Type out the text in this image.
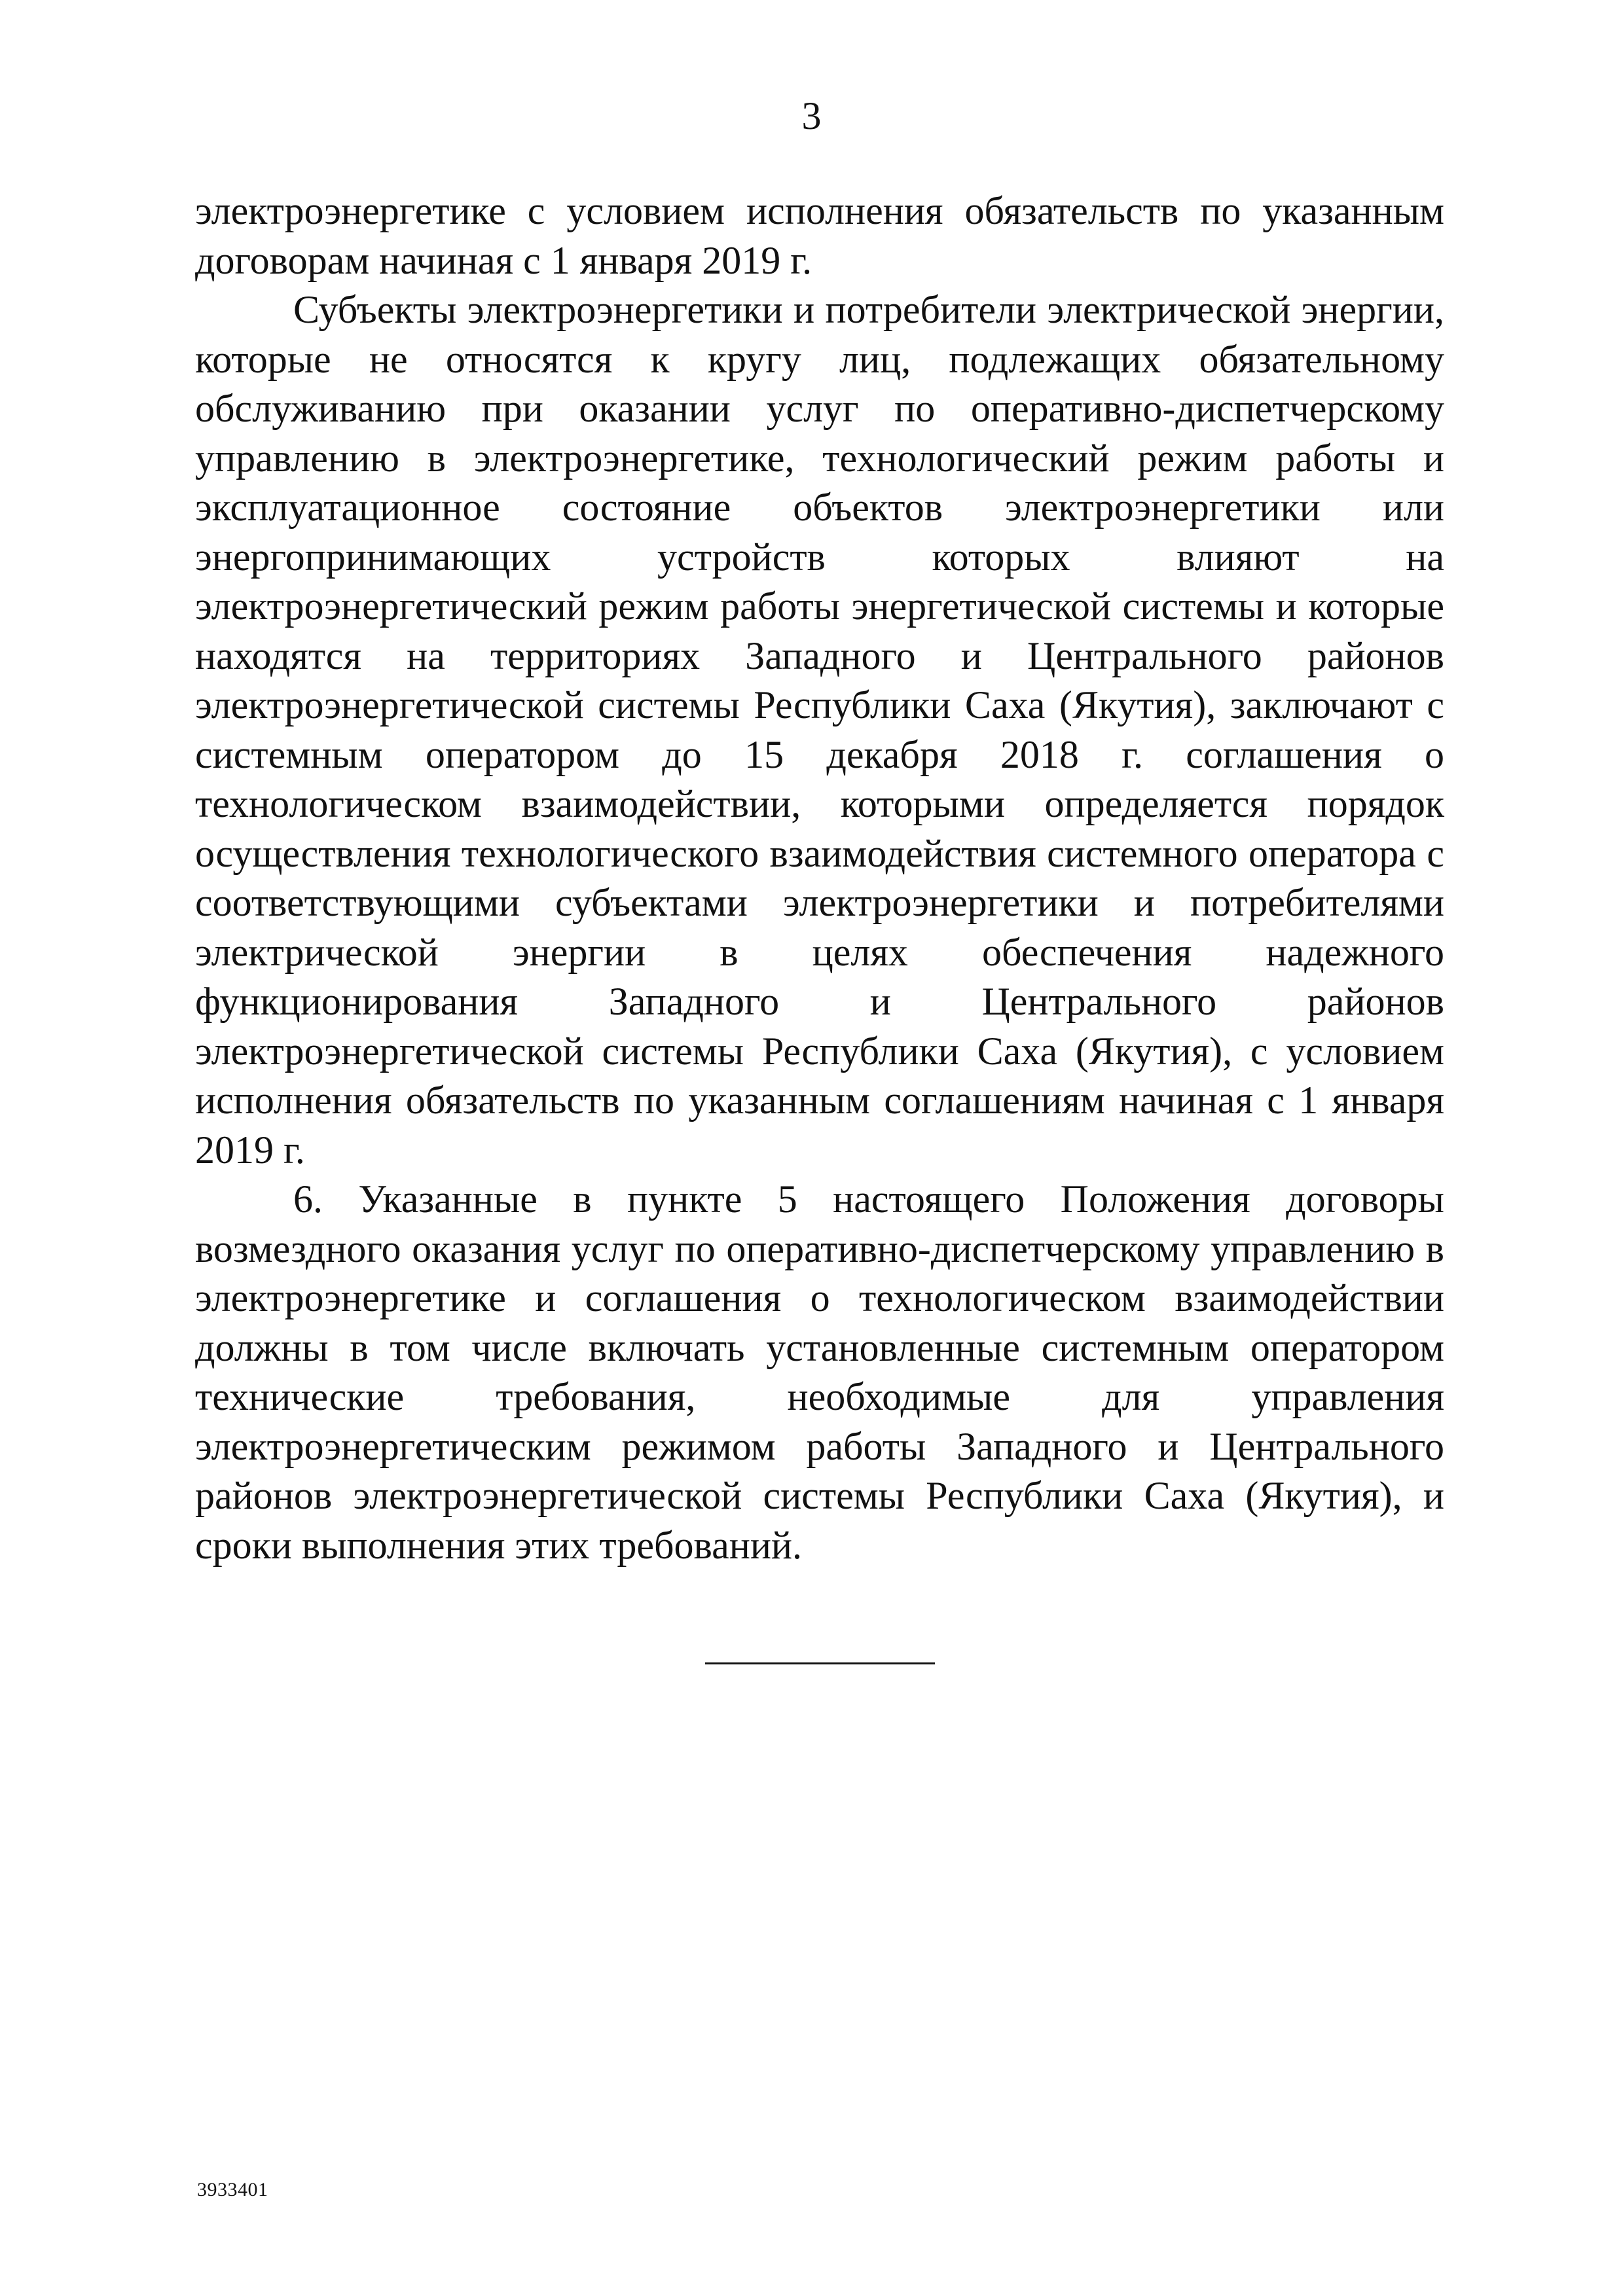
3

электроэнергетике с условием исполнения обязательств по указанным договорам начиная с 1 января 2019 г.

Субъекты электроэнергетики и потребители электрической энергии, которые не относятся к кругу лиц, подлежащих обязательному обслуживанию при оказании услуг по оперативно-диспетчерскому управлению в электроэнергетике, технологический режим работы и эксплуатационное состояние объектов электроэнергетики или энергопринимающих устройств которых влияют на электроэнергетический режим работы энергетической системы и которые находятся на территориях Западного и Центрального районов электроэнергетической системы Республики Саха (Якутия), заключают с системным оператором до 15 декабря 2018 г. соглашения о технологическом взаимодействии, которыми определяется порядок осуществления технологического взаимодействия системного оператора с соответствующими субъектами электроэнергетики и потребителями электрической энергии в целях обеспечения надежного функционирования Западного и Центрального районов электроэнергетической системы Республики Саха (Якутия), с условием исполнения обязательств по указанным соглашениям начиная с 1 января 2019 г.

6. Указанные в пункте 5 настоящего Положения договоры возмездного оказания услуг по оперативно-диспетчерскому управлению в электроэнергетике и соглашения о технологическом взаимодействии должны в том числе включать установленные системным оператором технические требования, необходимые для управления электроэнергетическим режимом работы Западного и Центрального районов электроэнергетической системы Республики Саха (Якутия), и сроки выполнения этих требований.

3933401
